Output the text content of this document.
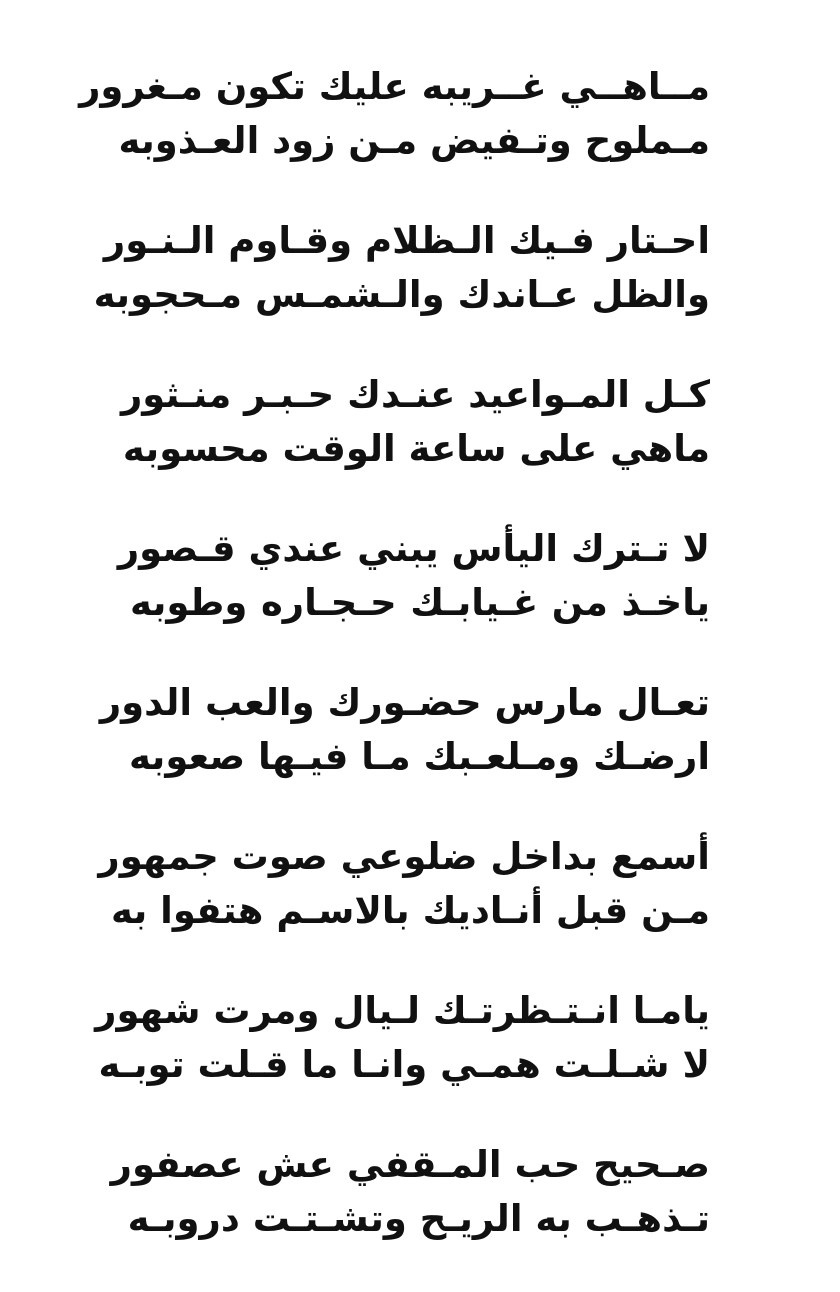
مــاهــي غــريبه عليك تكون مـغرور
مـملوح وتـفيض مـن زود العـذوبه
احـتار فـيك الـظلام وقـاوم الـنـور
والظل عـاندك والـشمـس مـحجوبه
كـل المـواعيد عنـدك حـبـر منـثور
ماهي على ساعة الوقت محسوبه
لا تـترك اليأس يبني عندي قـصور
ياخـذ من غـيابـك حـجـاره وطوبه
تعـال مارس حضـورك والعب الدور
ارضـك ومـلعـبك مـا فيـها صعوبه
أسمع بداخل ضلوعي صوت جمهور
مـن قبل أنـاديك بالاسـم هتفوا به
يامـا انـتـظرتـك لـيال ومرت شهور
لا شـلـت همـي وانـا ما قـلت توبـه
صـحيح حب المـقفي عش عصفور
تـذهـب به الريـح وتشـتـت دروبـه
